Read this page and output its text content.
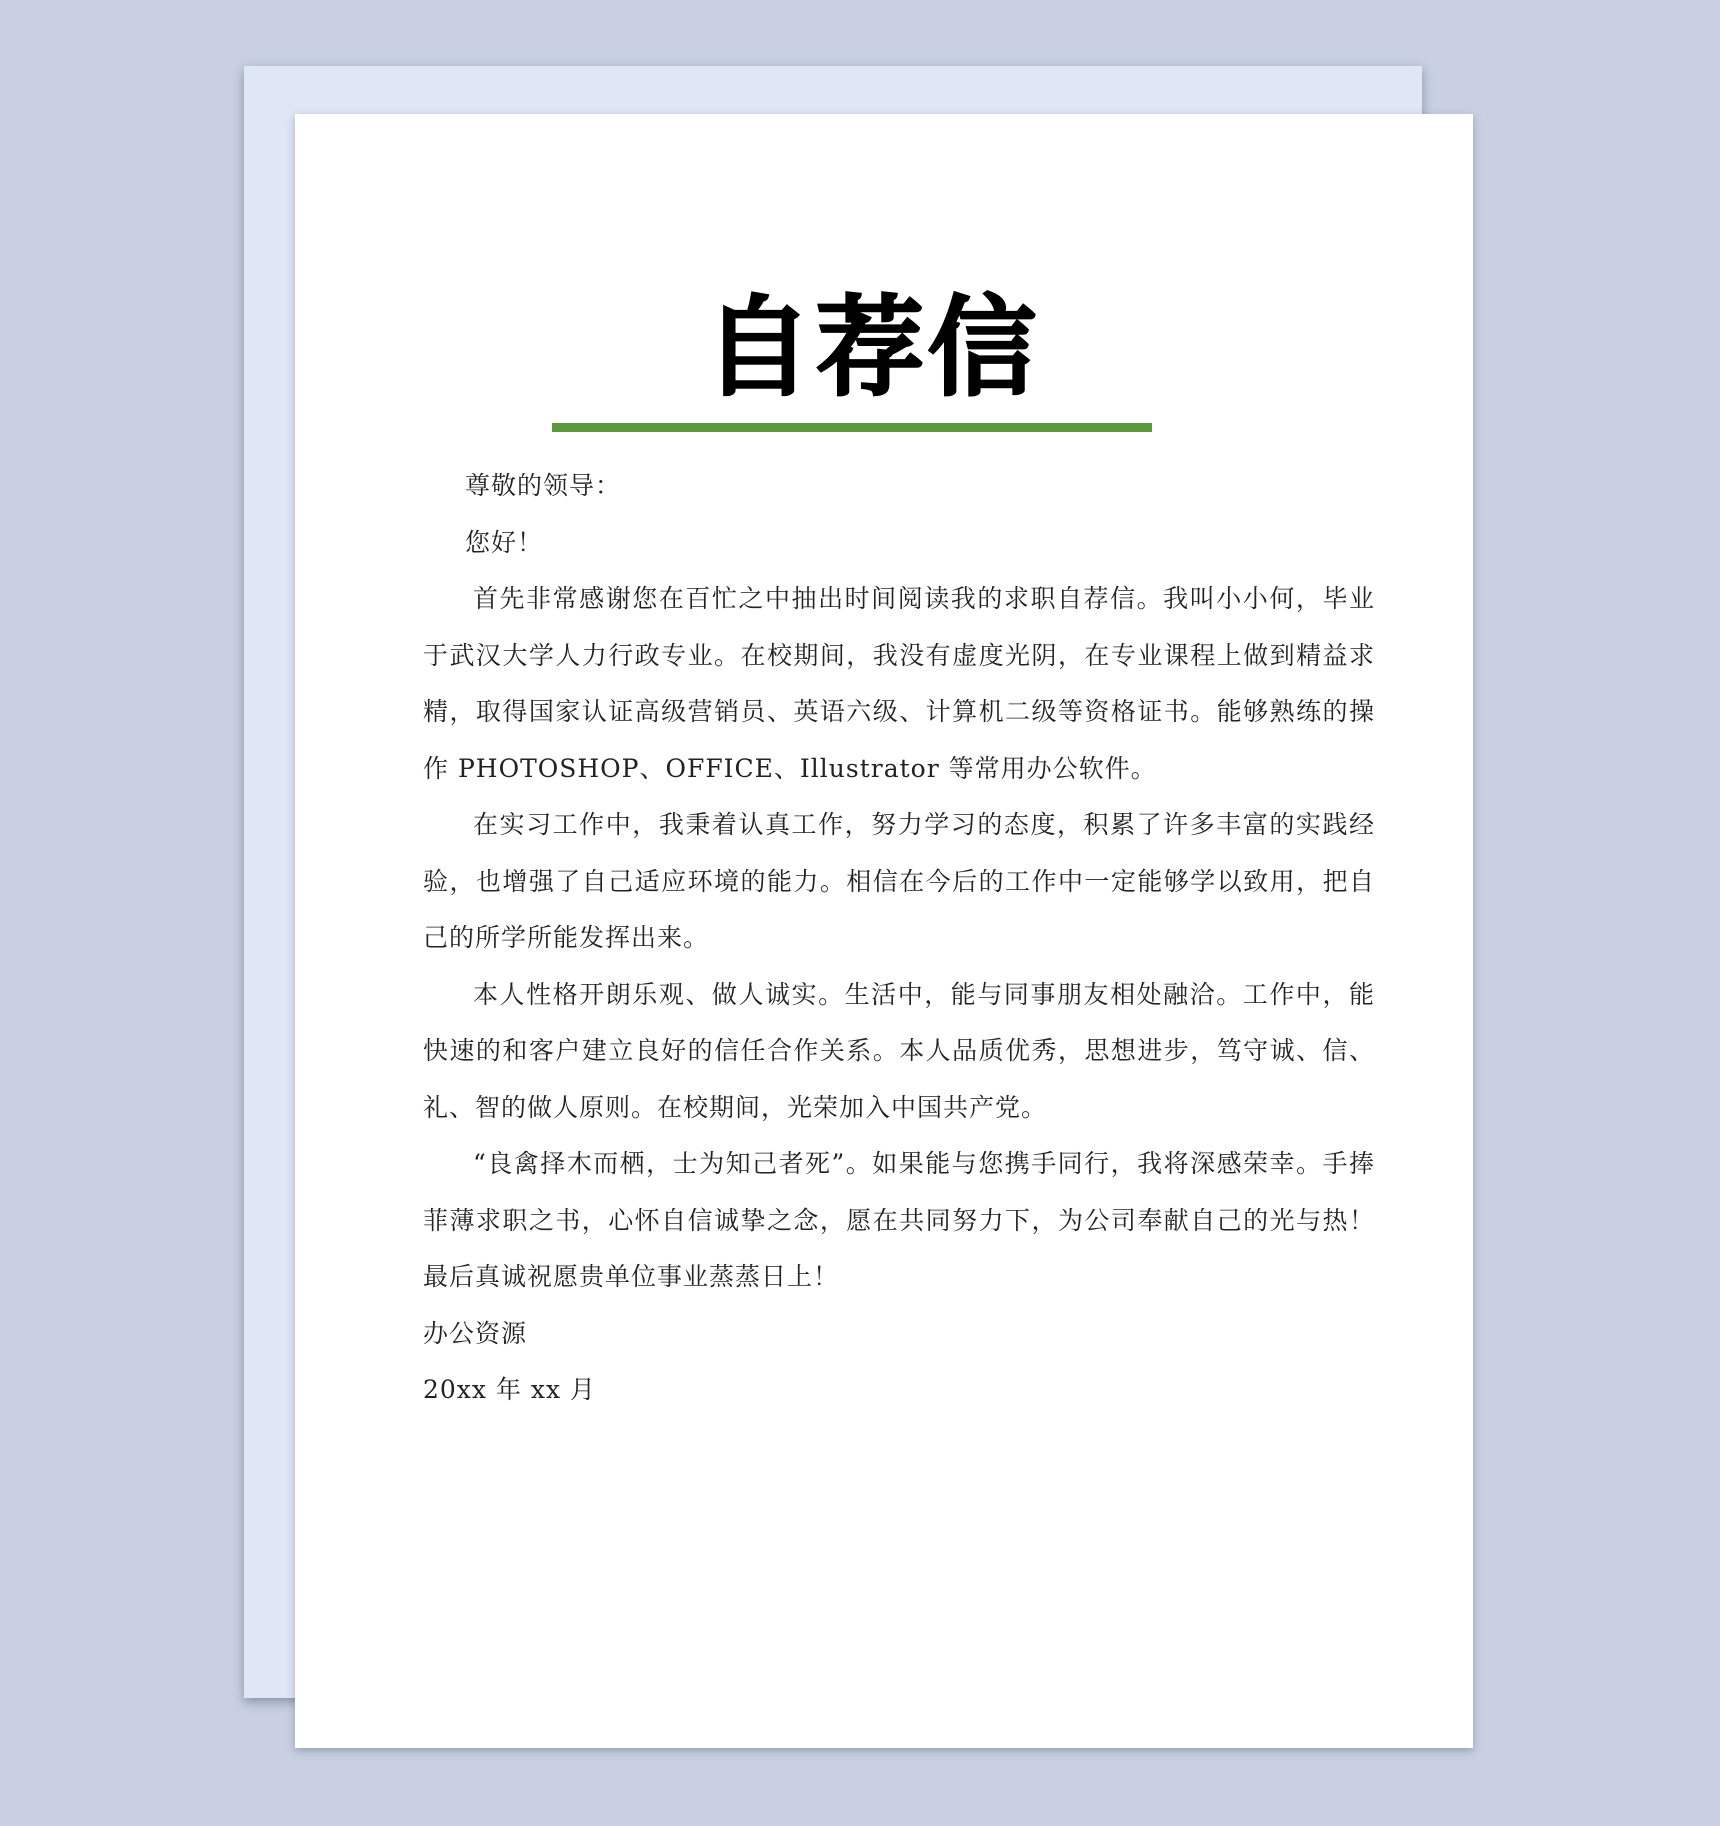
自荐信

尊敬的领导：

您好！

首先非常感谢您在百忙之中抽出时间阅读我的求职自荐信。我叫小小何，毕业于武汉大学人力行政专业。在校期间，我没有虚度光阴，在专业课程上做到精益求精，取得国家认证高级营销员、英语六级、计算机二级等资格证书。能够熟练的操作 PHOTOSHOP、OFFICE、Illustrator 等常用办公软件。

在实习工作中，我秉着认真工作，努力学习的态度，积累了许多丰富的实践经验，也增强了自己适应环境的能力。相信在今后的工作中一定能够学以致用，把自己的所学所能发挥出来。

本人性格开朗乐观、做人诚实。生活中，能与同事朋友相处融洽。工作中，能快速的和客户建立良好的信任合作关系。本人品质优秀，思想进步，笃守诚、信、礼、智的做人原则。在校期间，光荣加入中国共产党。

“良禽择木而栖，士为知己者死”。如果能与您携手同行，我将深感荣幸。手捧菲薄求职之书，心怀自信诚挚之念，愿在共同努力下，为公司奉献自己的光与热！最后真诚祝愿贵单位事业蒸蒸日上！

办公资源

20xx 年 xx 月
